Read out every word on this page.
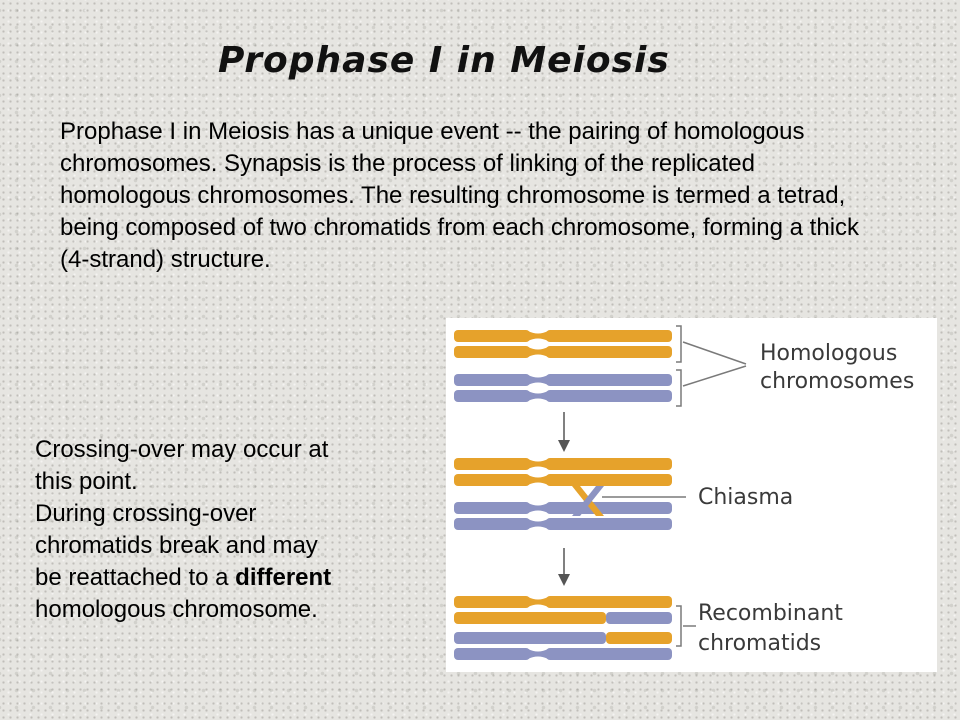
Prophase I in Meiosis

Prophase I in Meiosis has a unique event -- the pairing of homologous chromosomes. Synapsis is the process of linking of the replicated homologous chromosomes. The resulting chromosome is termed a tetrad, being composed of two chromatids from each chromosome, forming a thick (4-strand) structure.

Crossing-over may occur at
this point.
During crossing-over
chromatids break and may
be reattached to a different
homologous chromosome.

Homologous
chromosomes
Chiasma
Recombinant
chromatids
